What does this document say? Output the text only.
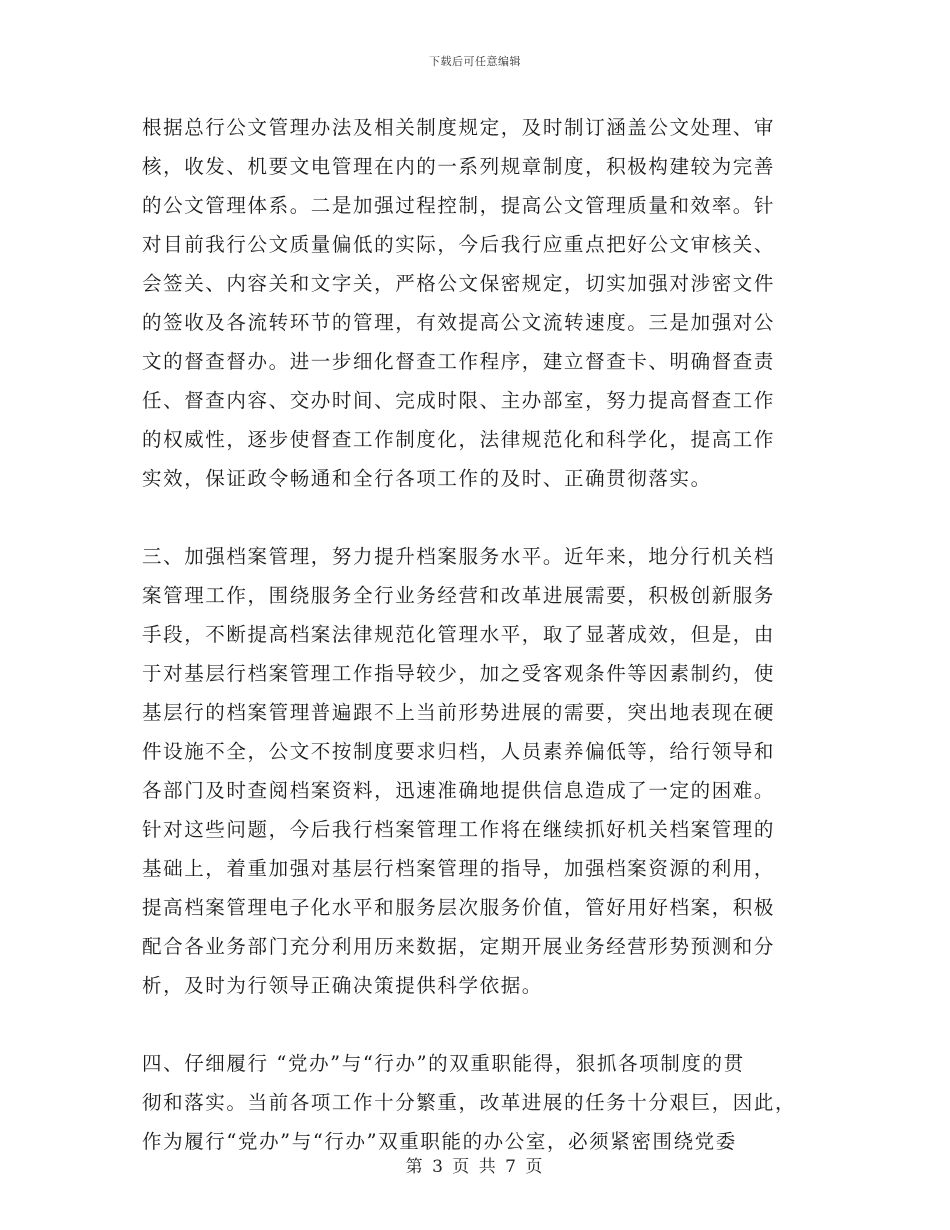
下载后可任意编辑

根据总行公文管理办法及相关制度规定，及时制订涵盖公文处理、审
核，收发、机要文电管理在内的一系列规章制度，积极构建较为完善
的公文管理体系。二是加强过程控制，提高公文管理质量和效率。针
对目前我行公文质量偏低的实际，今后我行应重点把好公文审核关、
会签关、内容关和文字关，严格公文保密规定，切实加强对涉密文件
的签收及各流转环节的管理，有效提高公文流转速度。三是加强对公
文的督查督办。进一步细化督查工作程序，建立督查卡、明确督查责
任、督查内容、交办时间、完成时限、主办部室，努力提高督查工作
的权威性，逐步使督查工作制度化，法律规范化和科学化，提高工作
实效，保证政令畅通和全行各项工作的及时、正确贯彻落实。

三、加强档案管理，努力提升档案服务水平。近年来，地分行机关档
案管理工作，围绕服务全行业务经营和改革进展需要，积极创新服务
手段，不断提高档案法律规范化管理水平，取了显著成效，但是，由
于对基层行档案管理工作指导较少，加之受客观条件等因素制约，使
基层行的档案管理普遍跟不上当前形势进展的需要，突出地表现在硬
件设施不全，公文不按制度要求归档，人员素养偏低等，给行领导和
各部门及时查阅档案资料，迅速准确地提供信息造成了一定的困难。
针对这些问题，今后我行档案管理工作将在继续抓好机关档案管理的
基础上，着重加强对基层行档案管理的指导，加强档案资源的利用，
提高档案管理电子化水平和服务层次服务价值，管好用好档案，积极
配合各业务部门充分利用历来数据，定期开展业务经营形势预测和分
析，及时为行领导正确决策提供科学依据。

四、仔细履行 “党办”与“行办”的双重职能得，狠抓各项制度的贯
彻和落实。当前各项工作十分繁重，改革进展的任务十分艰巨，因此，
作为履行“党办”与“行办”双重职能的办公室，必须紧密围绕党委

第 3 页 共 7 页
